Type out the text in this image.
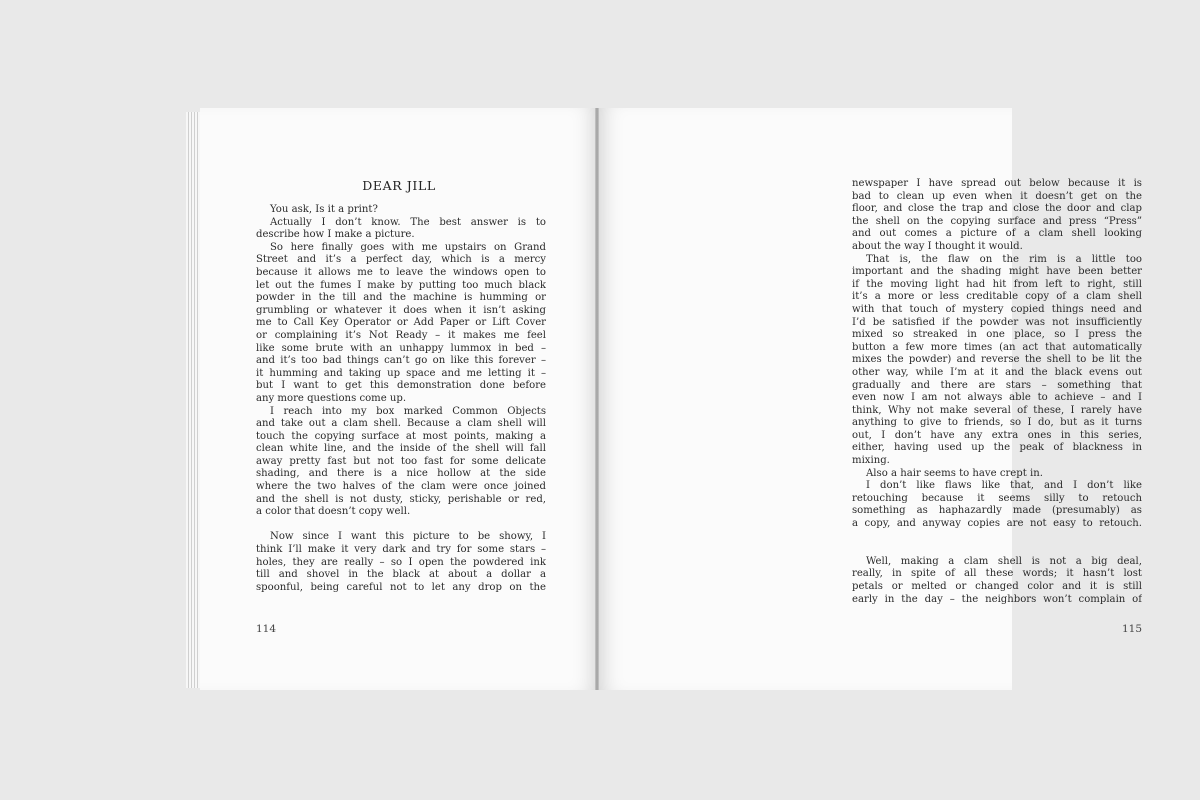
DEAR JILL
You ask, Is it a print?
Actually I don’t know. The best answer is to
describe how I make a picture.
So here finally goes with me upstairs on Grand
Street and it’s a perfect day, which is a mercy
because it allows me to leave the windows open to
let out the fumes I make by putting too much black
powder in the till and the machine is humming or
grumbling or whatever it does when it isn’t asking
me to Call Key Operator or Add Paper or Lift Cover
or complaining it’s Not Ready – it makes me feel
like some brute with an unhappy lummox in bed –
and it’s too bad things can’t go on like this forever –
it humming and taking up space and me letting it –
but I want to get this demonstration done before
any more questions come up.
I reach into my box marked Common Objects
and take out a clam shell. Because a clam shell will
touch the copying surface at most points, making a
clean white line, and the inside of the shell will fall
away pretty fast but not too fast for some delicate
shading, and there is a nice hollow at the side
where the two halves of the clam were once joined
and the shell is not dusty, sticky, perishable or red,
a color that doesn’t copy well.
Now since I want this picture to be showy, I
think I’ll make it very dark and try for some stars –
holes, they are really – so I open the powdered ink
till and shovel in the black at about a dollar a
spoonful, being careful not to let any drop on the
114
newspaper I have spread out below because it is
bad to clean up even when it doesn’t get on the
floor, and close the trap and close the door and clap
the shell on the copying surface and press “Press”
and out comes a picture of a clam shell looking
about the way I thought it would.
That is, the flaw on the rim is a little too
important and the shading might have been better
if the moving light had hit from left to right, still
it’s a more or less creditable copy of a clam shell
with that touch of mystery copied things need and
I’d be satisfied if the powder was not insufficiently
mixed so streaked in one place, so I press the
button a few more times (an act that automatically
mixes the powder) and reverse the shell to be lit the
other way, while I’m at it and the black evens out
gradually and there are stars – something that
even now I am not always able to achieve – and I
think, Why not make several of these, I rarely have
anything to give to friends, so I do, but as it turns
out, I don’t have any extra ones in this series,
either, having used up the peak of blackness in
mixing.
Also a hair seems to have crept in.
I don’t like flaws like that, and I don’t like
retouching because it seems silly to retouch
something as haphazardly made (presumably) as
a copy, and anyway copies are not easy to retouch.
Well, making a clam shell is not a big deal,
really, in spite of all these words; it hasn’t lost
petals or melted or changed color and it is still
early in the day – the neighbors won’t complain of
115
